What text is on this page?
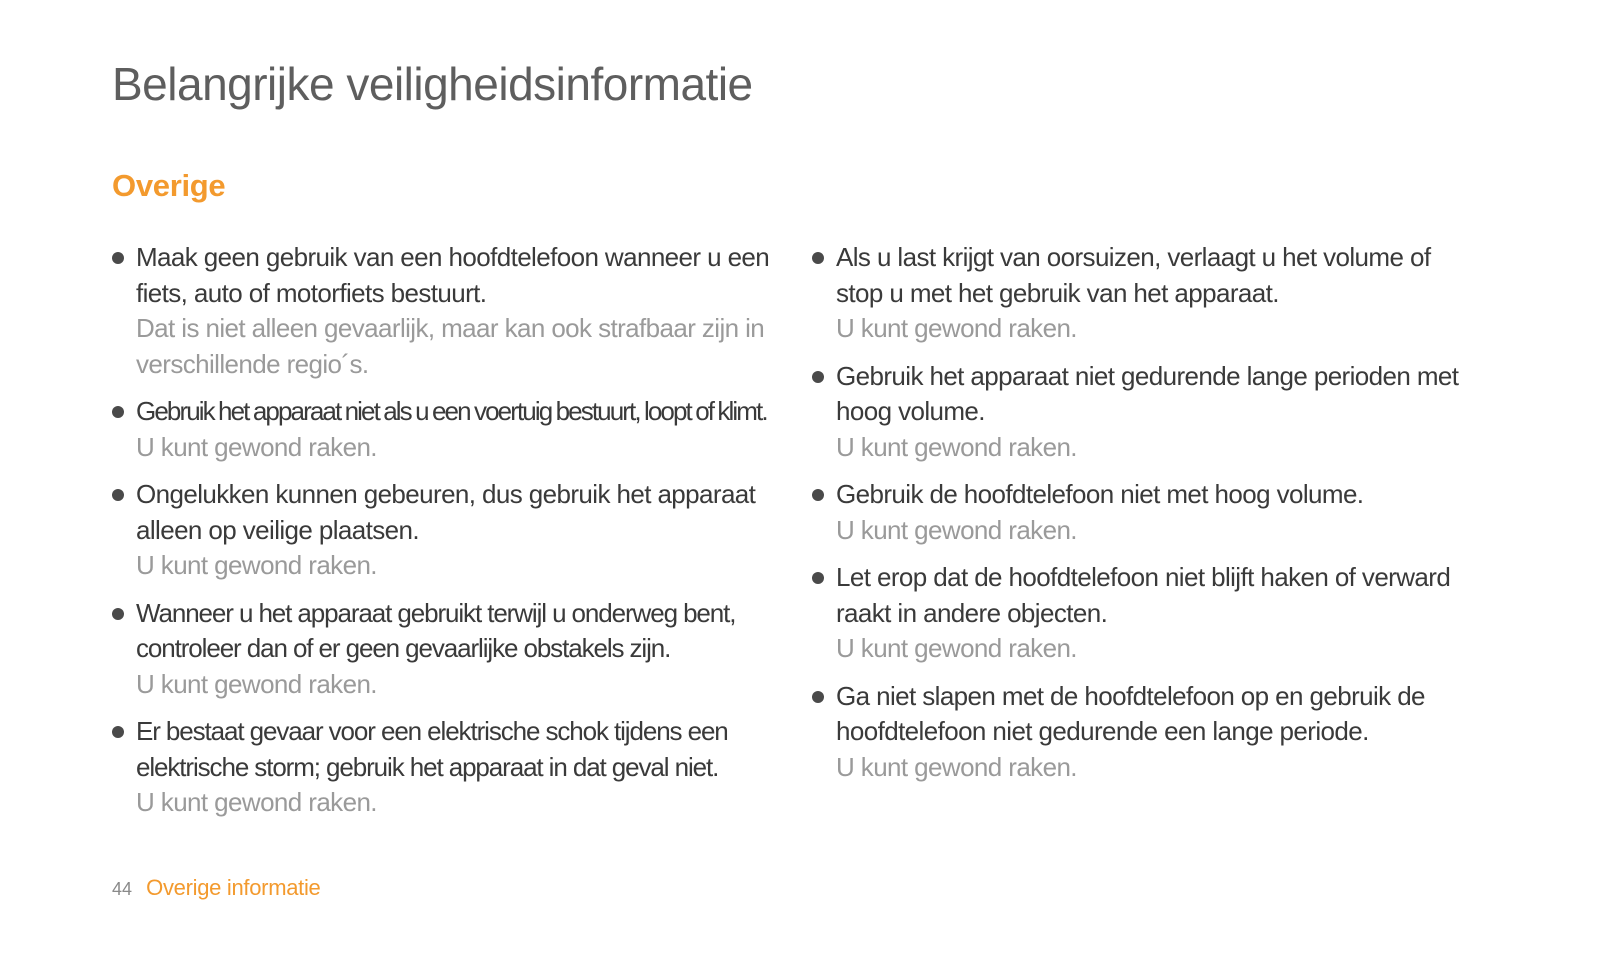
Belangrijke veiligheidsinformatie
Overige
Maak geen gebruik van een hoofdtelefoon wanneer u een fiets, auto of motorfiets bestuurt.
Dat is niet alleen gevaarlijk, maar kan ook strafbaar zijn in verschillende regio´s.
Gebruik het apparaat niet als u een voertuig bestuurt, loopt of klimt.
U kunt gewond raken.
Ongelukken kunnen gebeuren, dus gebruik het apparaat alleen op veilige plaatsen.
U kunt gewond raken.
Wanneer u het apparaat gebruikt terwijl u onderweg bent, controleer dan of er geen gevaarlijke obstakels zijn.
U kunt gewond raken.
Er bestaat gevaar voor een elektrische schok tijdens een elektrische storm; gebruik het apparaat in dat geval niet.
U kunt gewond raken.
Als u last krijgt van oorsuizen, verlaagt u het volume of stop u met het gebruik van het apparaat.
U kunt gewond raken.
Gebruik het apparaat niet gedurende lange perioden met hoog volume.
U kunt gewond raken.
Gebruik de hoofdtelefoon niet met hoog volume.
U kunt gewond raken.
Let erop dat de hoofdtelefoon niet blijft haken of verward raakt in andere objecten.
U kunt gewond raken.
Ga niet slapen met de hoofdtelefoon op en gebruik de hoofdtelefoon niet gedurende een lange periode.
U kunt gewond raken.
44 Overige informatie
